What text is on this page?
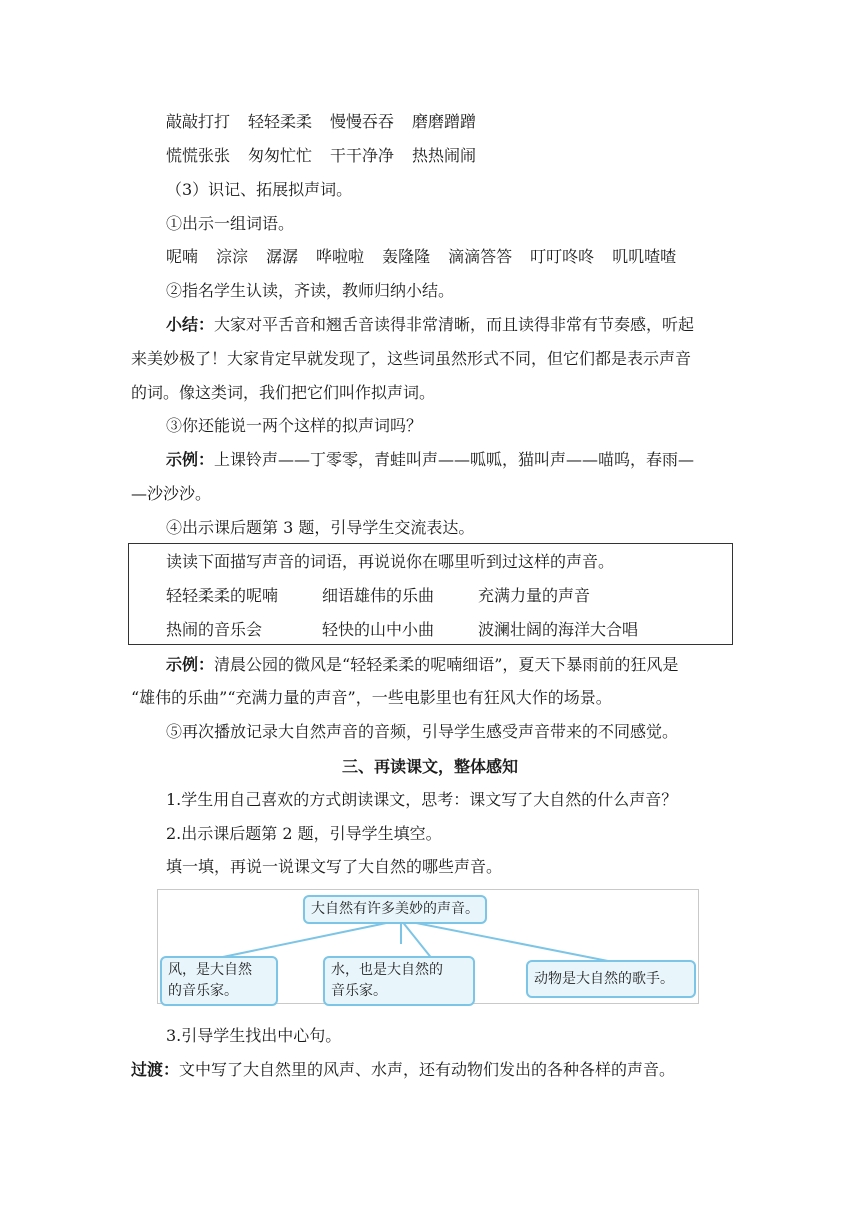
敲敲打打 轻轻柔柔 慢慢吞吞 磨磨蹭蹭
慌慌张张 匆匆忙忙 干干净净 热热闹闹
（3）识记、拓展拟声词。
①出示一组词语。
呢喃 淙淙 潺潺 哗啦啦 轰隆隆 滴滴答答 叮叮咚咚 叽叽喳喳
②指名学生认读，齐读，教师归纳小结。
小结：大家对平舌音和翘舌音读得非常清晰，而且读得非常有节奏感，听起
来美妙极了！大家肯定早就发现了，这些词虽然形式不同，但它们都是表示声音
的词。像这类词，我们把它们叫作拟声词。
③你还能说一两个这样的拟声词吗？
示例：上课铃声——丁零零，青蛙叫声——呱呱，猫叫声——喵呜，春雨—
—沙沙沙。
④出示课后题第 3 题，引导学生交流表达。
读读下面描写声音的词语，再说说你在哪里听到过这样的声音。
轻轻柔柔的呢喃	细语雄伟的乐曲	充满力量的声音
热闹的音乐会	轻快的山中小曲	波澜壮阔的海洋大合唱
示例：清晨公园的微风是“轻轻柔柔的呢喃细语”，夏天下暴雨前的狂风是
“雄伟的乐曲”“充满力量的声音”，一些电影里也有狂风大作的场景。
⑤再次播放记录大自然声音的音频，引导学生感受声音带来的不同感觉。
三、再读课文，整体感知
1.学生用自己喜欢的方式朗读课文，思考：课文写了大自然的什么声音？
2.出示课后题第 2 题，引导学生填空。
填一填，再说一说课文写了大自然的哪些声音。
大自然有许多美妙的声音。
风，是大自然
的音乐家。
水，也是大自然的
音乐家。
动物是大自然的歌手。
3.引导学生找出中心句。
过渡：文中写了大自然里的风声、水声，还有动物们发出的各种各样的声音。
